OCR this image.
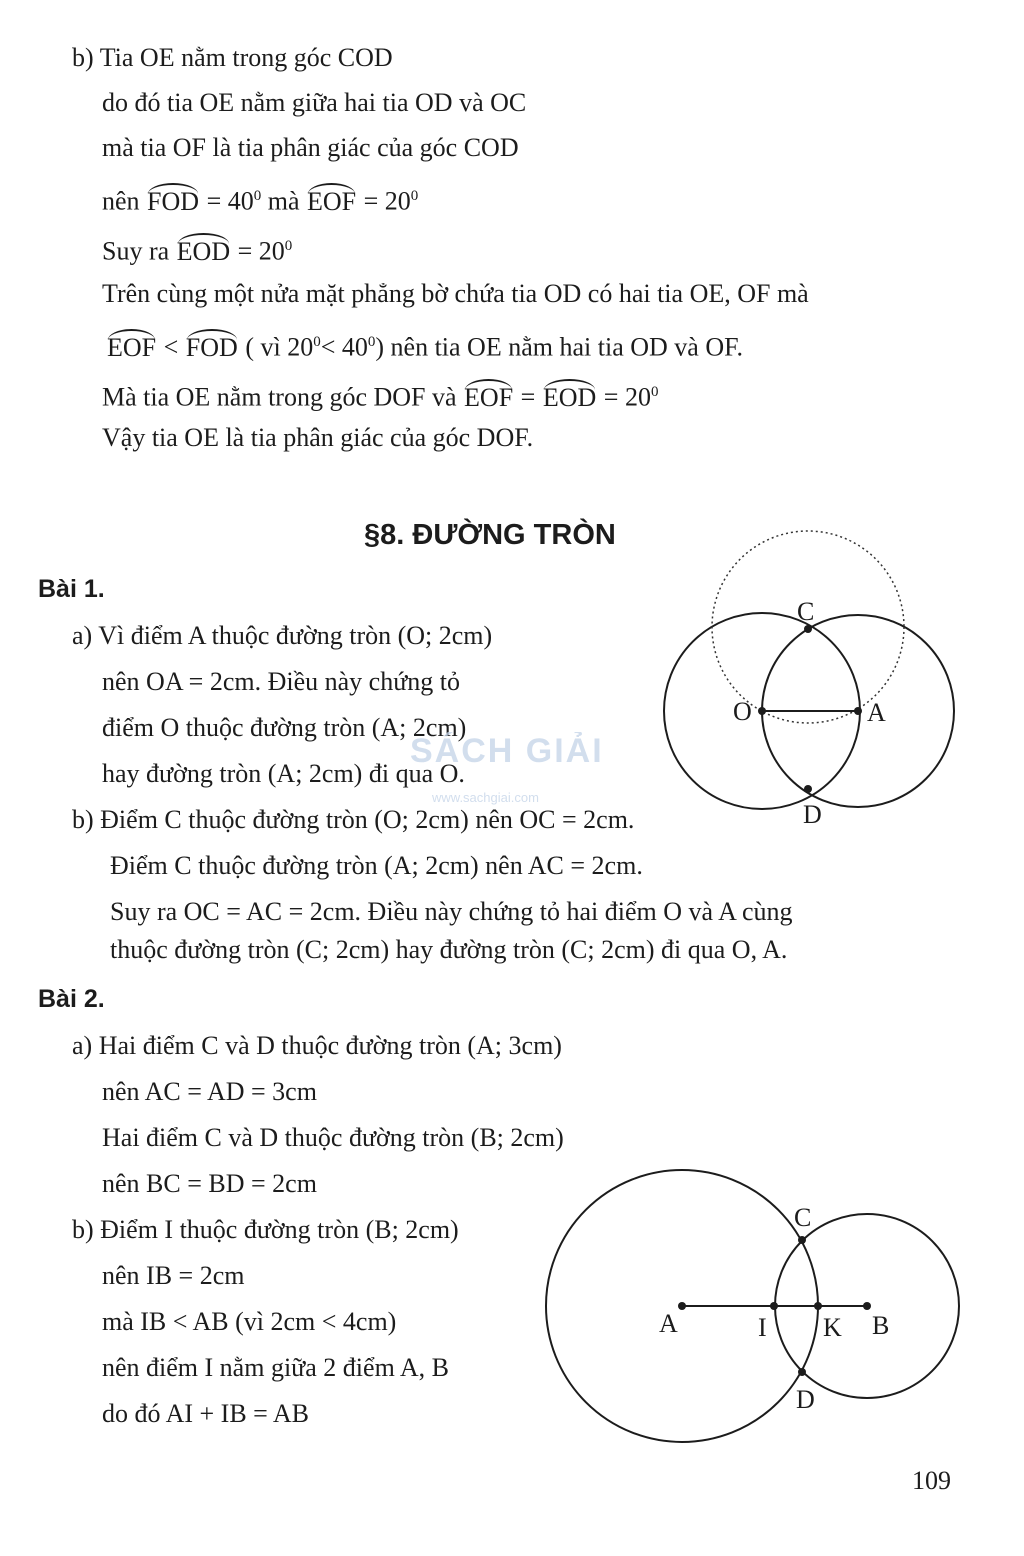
b) Tia OE nằm trong góc COD
do đó tia OE nằm giữa hai tia OD và OC
mà tia OF là tia phân giác của góc COD
nên FOD = $40^0$ mà EOF = $20^0$
Suy ra EOD = $20^0$
Trên cùng một nửa mặt phẳng bờ chứa tia OD có hai tia OE, OF mà
EOF < FOD ( vì $20^0< 40^0$) nên tia OE nằm hai tia OD và OF.
Mà tia OE nằm trong góc DOF và EOF = EOD = $20^0$
Vậy tia OE là tia phân giác của góc DOF.
§8. ĐƯỜNG TRÒN
Bài 1.
a) Vì điểm A thuộc đường tròn (O; 2cm)
nên OA = 2cm. Điều này chứng tỏ
điểm O thuộc đường tròn (A; 2cm)
hay đường tròn (A; 2cm) đi qua O.
b) Điểm C thuộc đường tròn (O; 2cm) nên OC = 2cm.
Điểm C thuộc đường tròn (A; 2cm) nên AC = 2cm.
Suy ra OC = AC = 2cm. Điều này chứng tỏ hai điểm O và A cùng
thuộc đường tròn (C; 2cm) hay đường tròn (C; 2cm) đi qua O, A.
C
O	A
D
SÁCH GIẢI
www.sachgiai.com
Bài 2.
a) Hai điểm C và D thuộc đường tròn (A; 3cm)
nên AC = AD = 3cm
Hai điểm C và D thuộc đường tròn (B; 2cm)
nên BC = BD = 2cm
b) Điểm I thuộc đường tròn (B; 2cm)
nên IB = 2cm
mà IB < AB (vì 2cm < 4cm)
nên điểm I nằm giữa 2 điểm A, B
do đó AI + IB = AB
C
A	I K B
D
109
